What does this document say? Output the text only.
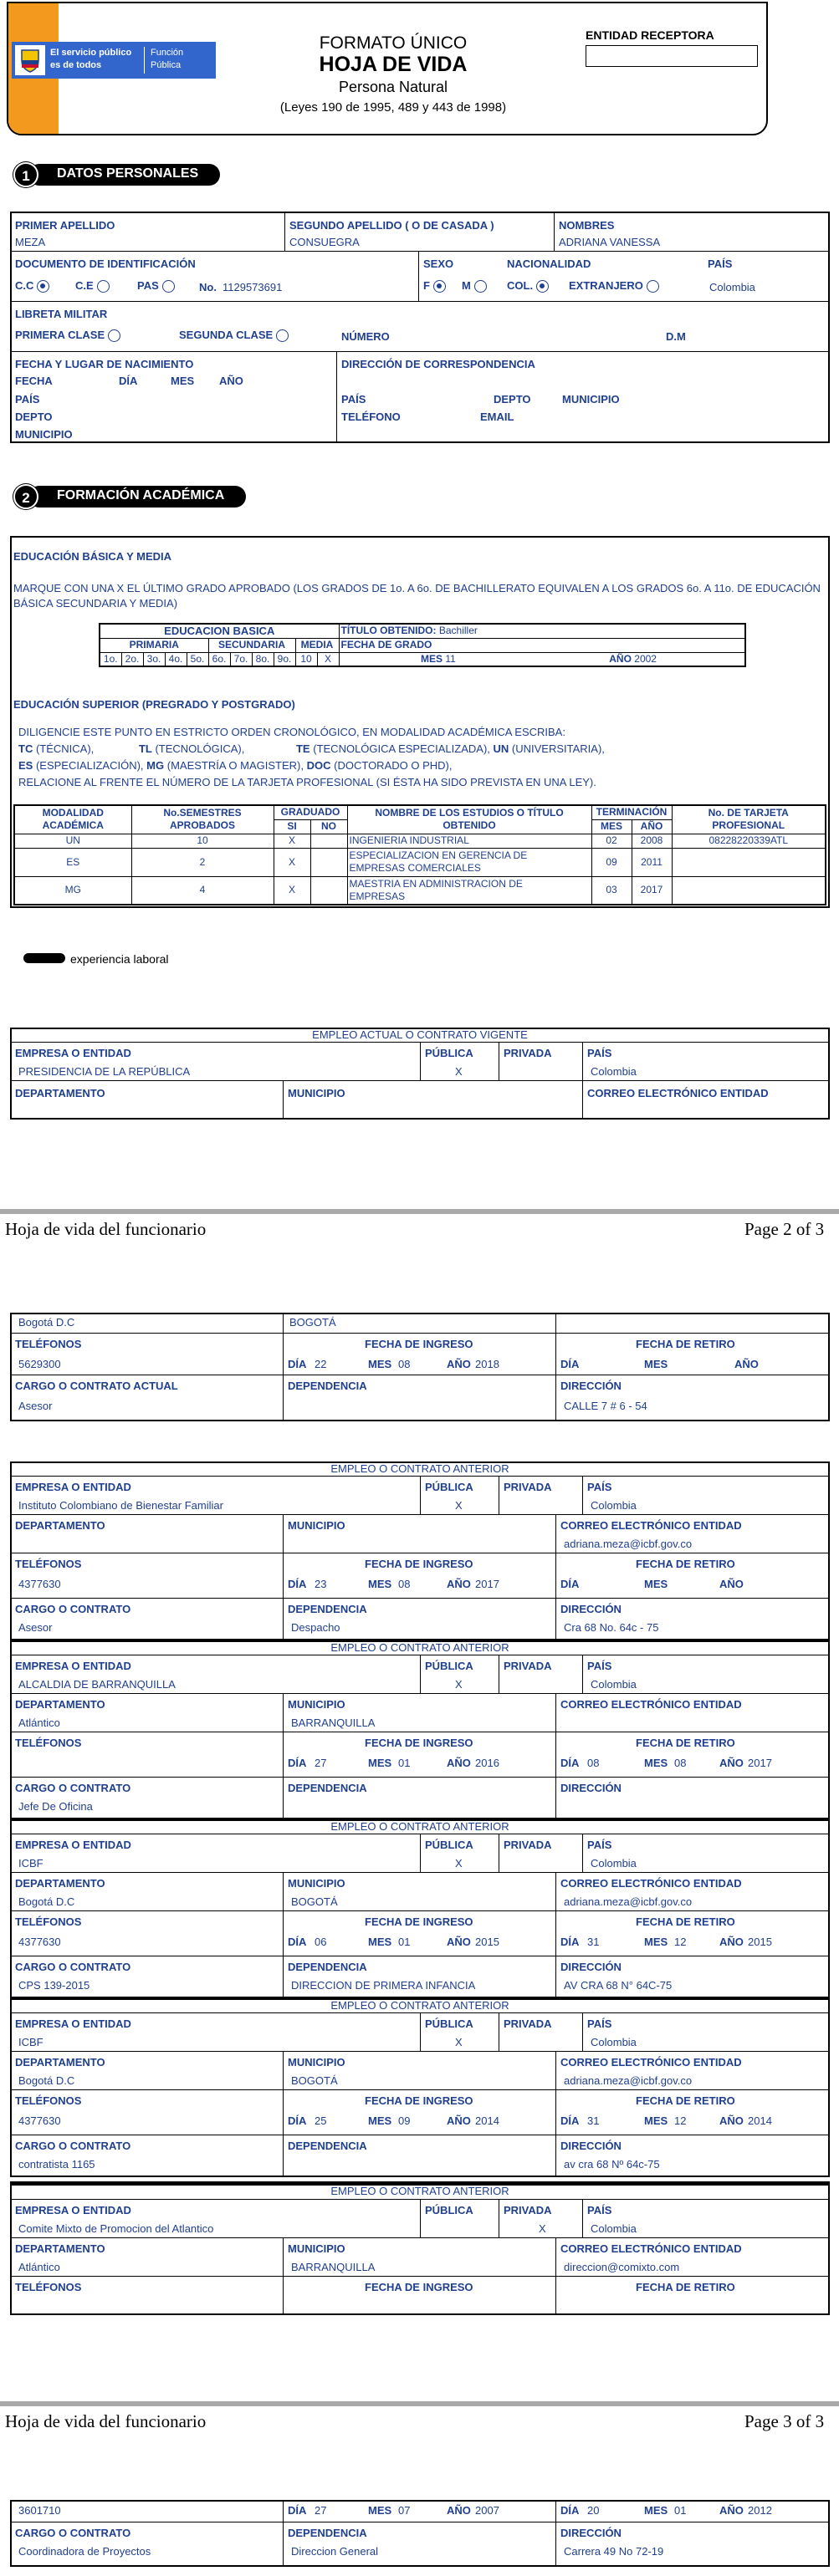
El servicio público
es de todos
Función
Pública
FORMATO ÚNICO
HOJA DE VIDA
Persona Natural
(Leyes 190 de 1995, 489 y 443 de 1998)
ENTIDAD RECEPTORA
DATOS PERSONALES
1
PRIMER APELLIDO
MEZA
SEGUNDO APELLIDO ( O DE CASADA )
CONSUEGRA
NOMBRES
ADRIANA VANESSA
DOCUMENTO DE IDENTIFICACIÓN
C.C	C.E	PAS	No. 1129573691
SEXO
F	M
NACIONALIDAD
COL.	EXTRANJERO
PAÍS
Colombia
LIBRETA MILITAR
PRIMERA CLASE	SEGUNDA CLASE	NÚMERO	D.M
FECHA Y LUGAR DE NACIMIENTO
FECHA	DÍA	MES AÑO
PAÍS
DEPTO
MUNICIPIO
DIRECCIÓN DE CORRESPONDENCIA
PAÍS	DEPTO	MUNICIPIO
TELÉFONO	EMAIL
FORMACIÓN ACADÉMICA
2
EDUCACIÓN BÁSICA Y MEDIA
MARQUE CON UNA X EL ÚLTIMO GRADO APROBADO (LOS GRADOS DE 1o. A 6o. DE BACHILLERATO EQUIVALEN A LOS GRADOS 6o. A 11o. DE EDUCACIÓN BÁSICA SECUNDARIA Y MEDIA)
EDUCACION BASICA											TÍTULO OBTENIDO: Bachiller		
PRIMARIA					SECUNDARIA				MEDIA		FECHA DE GRADO		
1o.	2o.	3o.	4o.	5o.	6o.	7o.	8o.	9o.	10	X		MES 11	AÑO 2002
EDUCACIÓN SUPERIOR (PREGRADO Y POSTGRADO)
DILIGENCIE ESTE PUNTO EN ESTRICTO ORDEN CRONOLÓGICO, EN MODALIDAD ACADÉMICA ESCRIBA:
TC (TÉCNICA),	TL (TECNOLÓGICA),	TE (TECNOLÓGICA ESPECIALIZADA), UN (UNIVERSITARIA),
ES (ESPECIALIZACIÓN), MG (MAESTRÍA O MAGISTER), DOC (DOCTORADO O PHD),
RELACIONE AL FRENTE EL NÚMERO DE LA TARJETA PROFESIONAL (SI ÉSTA HA SIDO PREVISTA EN UNA LEY).
MODALIDAD
ACADÉMICA	No.SEMESTRES
APROBADOS	GRADUADO		NOMBRE DE LOS ESTUDIOS O TÍTULO
OBTENIDO	TERMINACIÓN		No. DE TARJETA
PROFESIONAL
		SI	NO		MES	AÑO	
UN	10	X		INGENIERIA INDUSTRIAL	02	2008	08228220339ATL
ES	2	X		ESPECIALIZACION EN GERENCIA DE
EMPRESAS COMERCIALES	09	2011	
MG	4	X		MAESTRIA EN ADMINISTRACION DE
EMPRESAS	03	2017	
experiencia laboral
EMPLEO ACTUAL O CONTRATO VIGENTE
EMPRESA O ENTIDAD
PRESIDENCIA DE LA REPÚBLICA
PÚBLICA
X
PRIVADA	PAÍS
Colombia
DEPARTAMENTO	MUNICIPIO	CORREO ELECTRÓNICO ENTIDAD
Hoja de vida del funcionario	Page 2 of 3
Bogotá D.C	BOGOTÁ
TELÉFONOS
5629300
FECHA DE INGRESO
DÍA 22	MES 08	AÑO 2018
FECHA DE RETIRO
DÍA	MES	AÑO
CARGO O CONTRATO ACTUAL
Asesor
DEPENDENCIA	DIRECCIÓN
CALLE 7 # 6 - 54
EMPLEO O CONTRATO ANTERIOR
EMPRESA O ENTIDAD
Instituto Colombiano de Bienestar Familiar
PÚBLICA
X
PRIVADA	PAÍS
Colombia
DEPARTAMENTO	MUNICIPIO	CORREO ELECTRÓNICO ENTIDAD
adriana.meza@icbf.gov.co
TELÉFONOS
4377630
FECHA DE INGRESO
DÍA 23	MES 08	AÑO 2017
FECHA DE RETIRO
DÍA	MES	AÑO
CARGO O CONTRATO
Asesor
DEPENDENCIA
Despacho
DIRECCIÓN
Cra 68 No. 64c - 75
EMPLEO O CONTRATO ANTERIOR
EMPRESA O ENTIDAD
ALCALDIA DE BARRANQUILLA
PÚBLICA
X
PRIVADA	PAÍS
Colombia
DEPARTAMENTO
Atlántico
MUNICIPIO
BARRANQUILLA
CORREO ELECTRÓNICO ENTIDAD
TELÉFONOS	FECHA DE INGRESO
DÍA 27	MES 01	AÑO 2016
FECHA DE RETIRO
DÍA 08	MES 08	AÑO 2017
CARGO O CONTRATO
Jefe De Oficina
DEPENDENCIA	DIRECCIÓN
EMPLEO O CONTRATO ANTERIOR
EMPRESA O ENTIDAD
ICBF
PÚBLICA
X
PRIVADA	PAÍS
Colombia
DEPARTAMENTO
Bogotá D.C
MUNICIPIO
BOGOTÁ
CORREO ELECTRÓNICO ENTIDAD
adriana.meza@icbf.gov.co
TELÉFONOS
4377630
FECHA DE INGRESO
DÍA 06	MES 01	AÑO 2015
FECHA DE RETIRO
DÍA 31	MES 12	AÑO 2015
CARGO O CONTRATO
CPS 139-2015
DEPENDENCIA
DIRECCION DE PRIMERA INFANCIA
DIRECCIÓN
AV CRA 68 N° 64C-75
EMPLEO O CONTRATO ANTERIOR
EMPRESA O ENTIDAD
ICBF
PÚBLICA
X
PRIVADA	PAÍS
Colombia
DEPARTAMENTO
Bogotá D.C
MUNICIPIO
BOGOTÁ
CORREO ELECTRÓNICO ENTIDAD
adriana.meza@icbf.gov.co
TELÉFONOS
4377630
FECHA DE INGRESO
DÍA 25	MES 09	AÑO 2014
FECHA DE RETIRO
DÍA 31	MES 12	AÑO 2014
CARGO O CONTRATO
contratista 1165
DEPENDENCIA	DIRECCIÓN
av cra 68 Nº 64c-75
EMPLEO O CONTRATO ANTERIOR
EMPRESA O ENTIDAD
Comite Mixto de Promocion del Atlantico
PÚBLICA	PRIVADA
X
PAÍS
Colombia
DEPARTAMENTO
Atlántico
MUNICIPIO
BARRANQUILLA
CORREO ELECTRÓNICO ENTIDAD
direccion@comixto.com
TELÉFONOS	FECHA DE INGRESO	FECHA DE RETIRO
Hoja de vida del funcionario	Page 3 of 3
3601710	DÍA 27	MES 07	AÑO 2007	DÍA 20	MES 01	AÑO 2012
CARGO O CONTRATO
Coordinadora de Proyectos
DEPENDENCIA
Direccion General
DIRECCIÓN
Carrera 49 No 72-19
